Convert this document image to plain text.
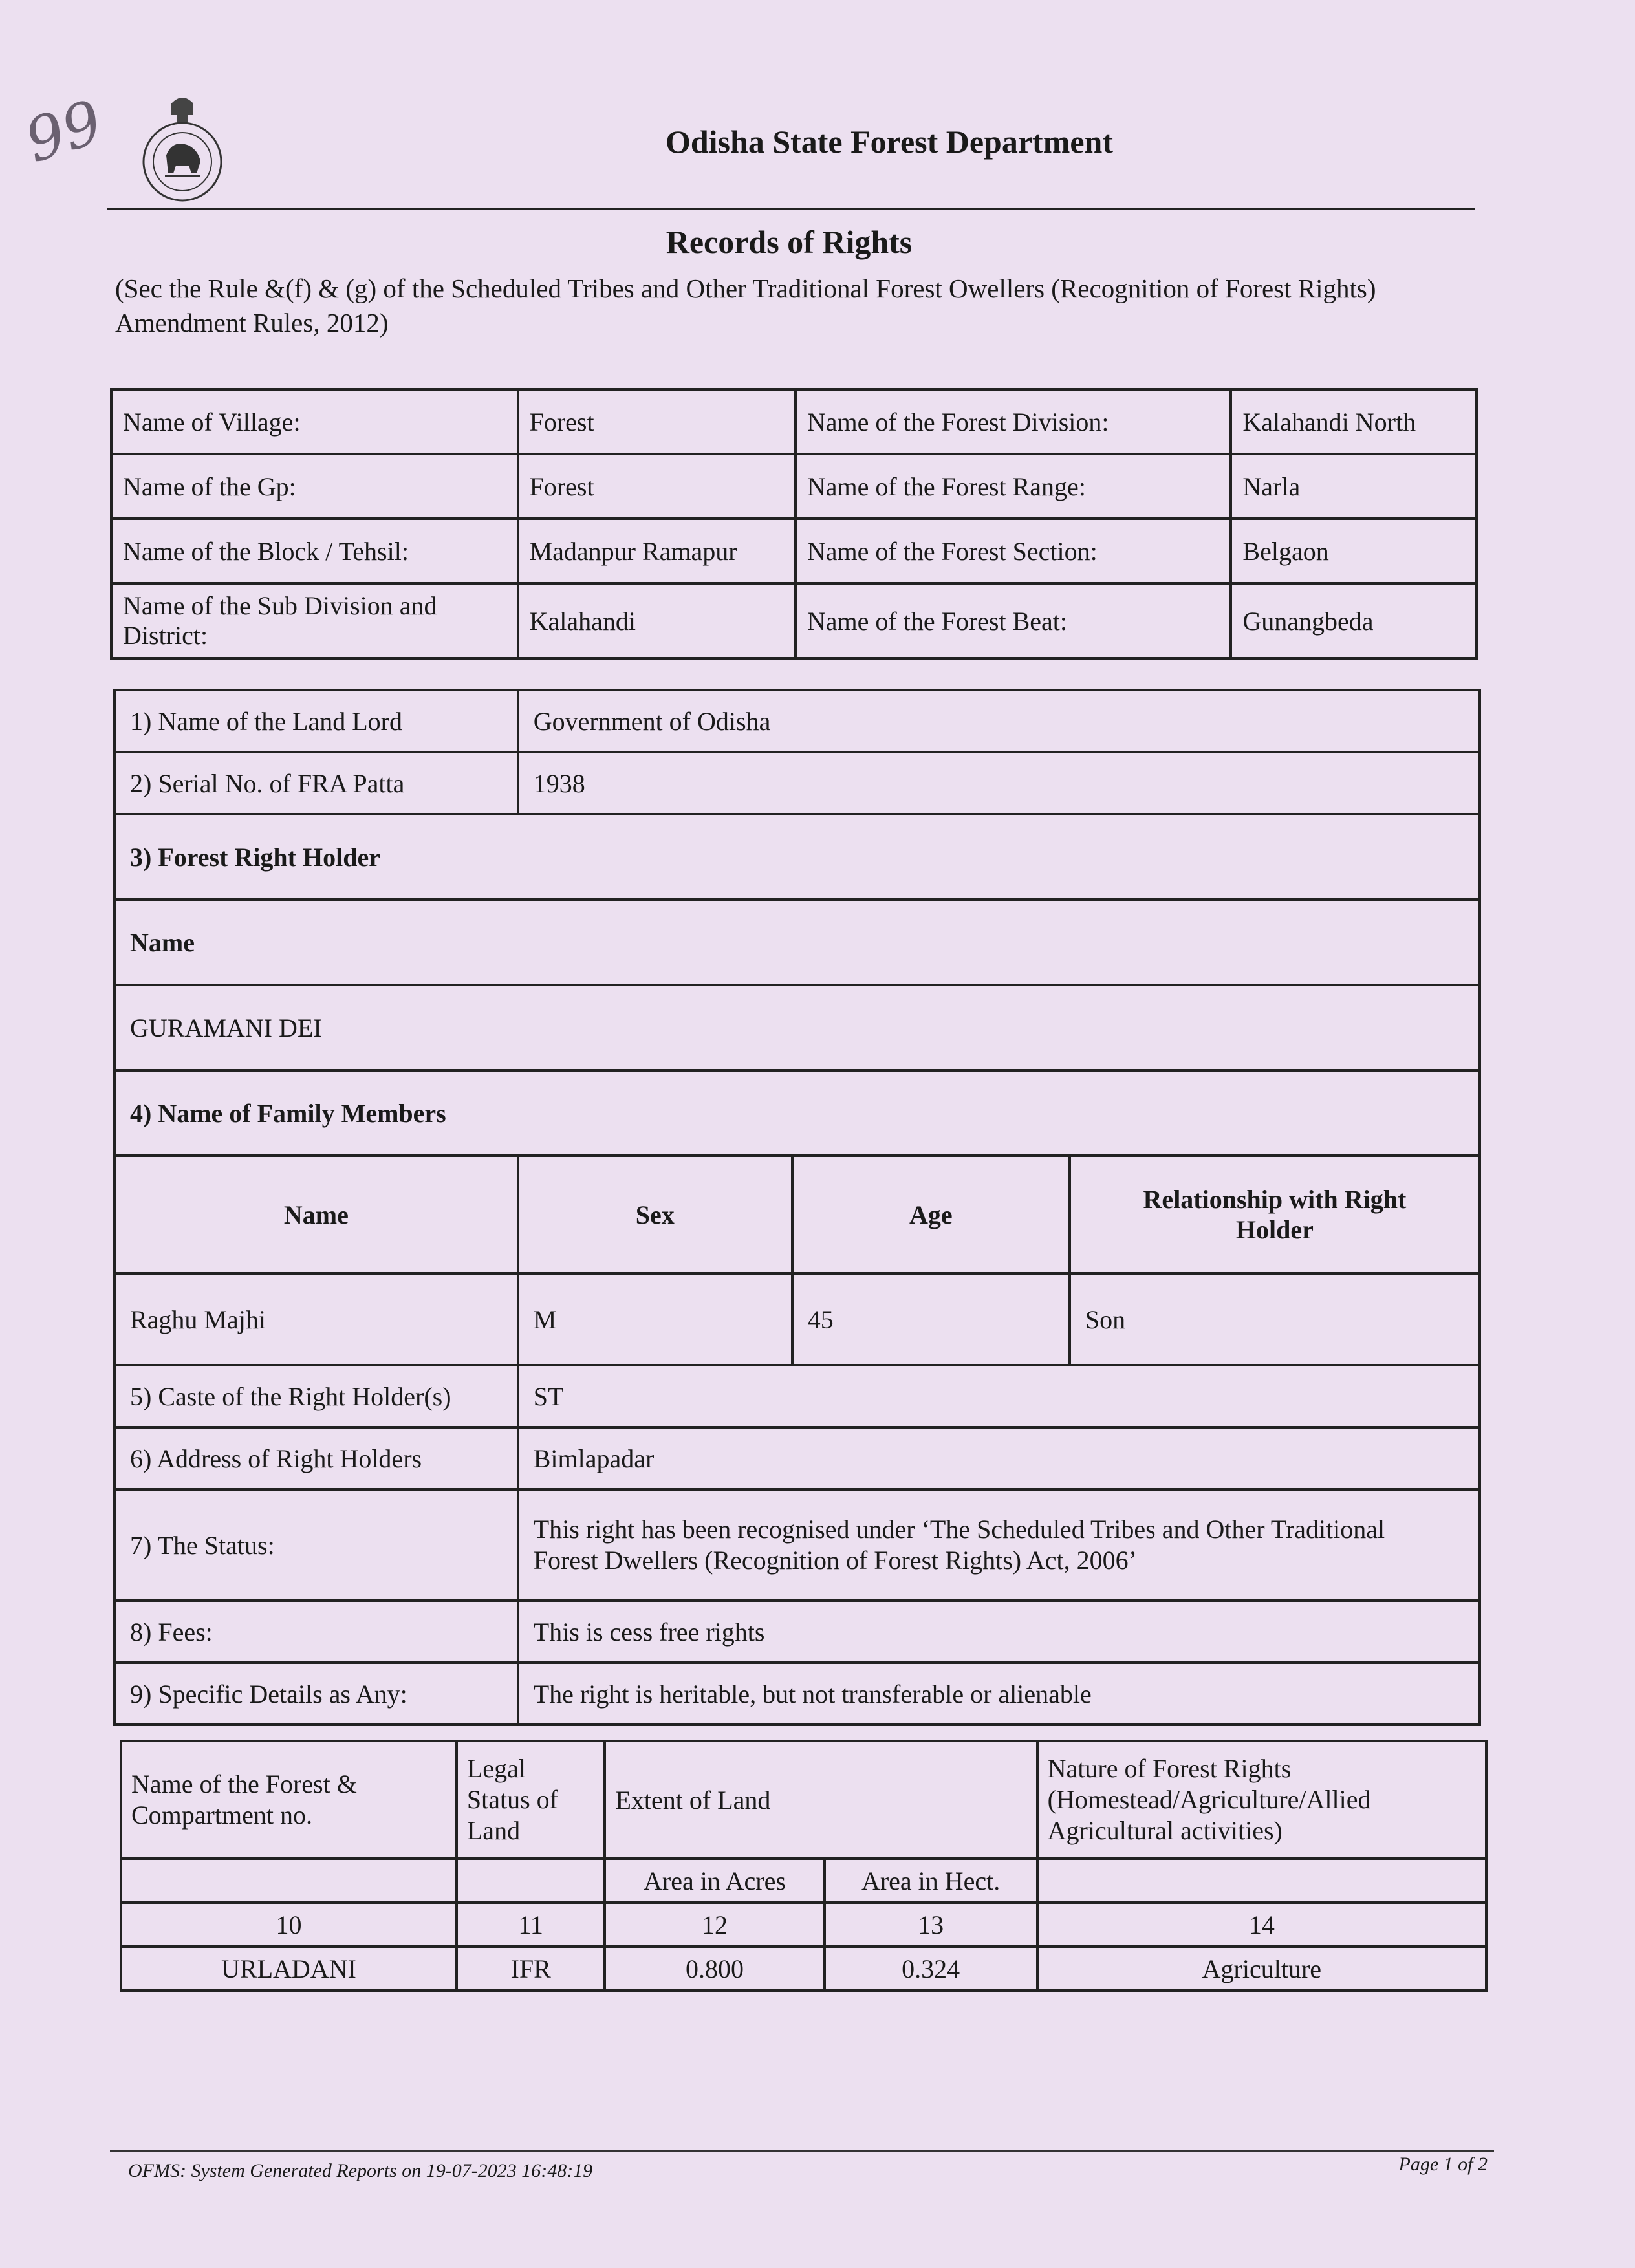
99	Odisha State Forest Department
Records of Rights
(Sec the Rule &(f) & (g) of the Scheduled Tribes and Other Traditional Forest Owellers (Recognition of Forest Rights) Amendment Rules, 2012)
Name of Village:	Forest	Name of the Forest Division:	Kalahandi North
Name of the Gp:	Forest	Name of the Forest Range:	Narla
Name of the Block / Tehsil:	Madanpur Ramapur	Name of the Forest Section:	Belgaon
Name of the Sub Division and District:	Kalahandi	Name of the Forest Beat:	Gunangbeda
1) Name of the Land Lord	Government of Odisha		
2) Serial No. of FRA Patta	1938		
3) Forest Right Holder			
Name			
GURAMANI DEI			
4) Name of Family Members			
Name	Sex	Age	Relationship with Right Holder
Raghu Majhi	M	45	Son
5) Caste of the Right Holder(s)	ST		
6) Address of Right Holders	Bimlapadar		
7) The Status:	This right has been recognised under ‘The Scheduled Tribes and Other Traditional
Forest Dwellers (Recognition of Forest Rights) Act, 2006’		

8) Fees:	This is cess free rights		
9) Specific Details as Any:	The right is heritable, but not transferable or alienable		
Name of the Forest & Compartment no.	Legal Status of Land	Extent of Land		Nature of Forest Rights (Homestead/Agriculture/Allied Agricultural activities)
		Area in Acres	Area in Hect.	
10	11	12	13	14
URLADANI	IFR	0.800	0.324	Agriculture
OFMS: System Generated Reports on 19-07-2023 16:48:19	Page 1 of 2
